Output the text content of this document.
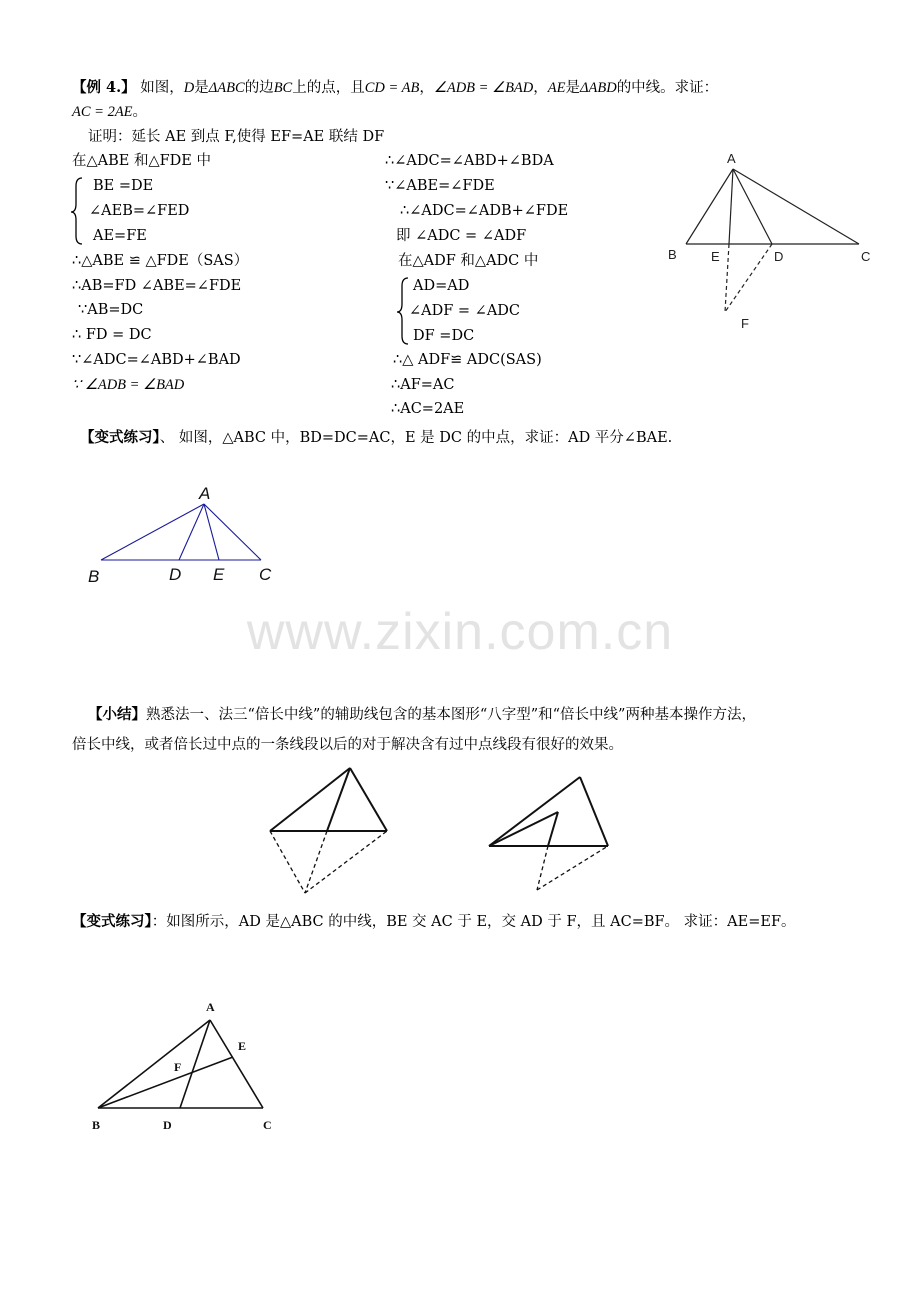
【例 4.】 如图，D是ΔABC的边BC上的点，且CD = AB，∠ADB = ∠BAD，AE是ΔABD的中线。求证：
AC = 2AE。
证明：延长 AE 到点 F,使得 EF=AE 联结 DF
在△ABE 和△FDE 中
BE =DE
∠AEB=∠FED
AE=FE
∴△ABE ≌ △FDE（SAS）
∴AB=FD ∠ABE=∠FDE
∵AB=DC
∴ FD = DC
∵∠ADC=∠ABD+∠BAD
∵ ∠ADB = ∠BAD
∴∠ADC=∠ABD+∠BDA
∵∠ABE=∠FDE
∴∠ADC=∠ADB+∠FDE
即 ∠ADC = ∠ADF
在△ADF 和△ADC 中
AD=AD
∠ADF = ∠ADC
DF =DC
∴△ ADF≌ ADC(SAS)
∴AF=AC
∴AC=2AE
【变式练习】、 如图，△ABC 中，BD=DC=AC，E 是 DC 的中点，求证：AD 平分∠BAE.
www.zixin.com.cn
【小结】熟悉法一、法三“倍长中线”的辅助线包含的基本图形“八字型”和“倍长中线”两种基本操作方法，
倍长中线，或者倍长过中点的一条线段以后的对于解决含有过中点线段有很好的效果。
【变式练习】：如图所示，AD 是△ABC 的中线，BE 交 AC 于 E，交 AD 于 F，且 AC=BF。 求证：AE=EF。
A
B	E	D	C
F
A
B	D E C
A
E
F
B	D	C
